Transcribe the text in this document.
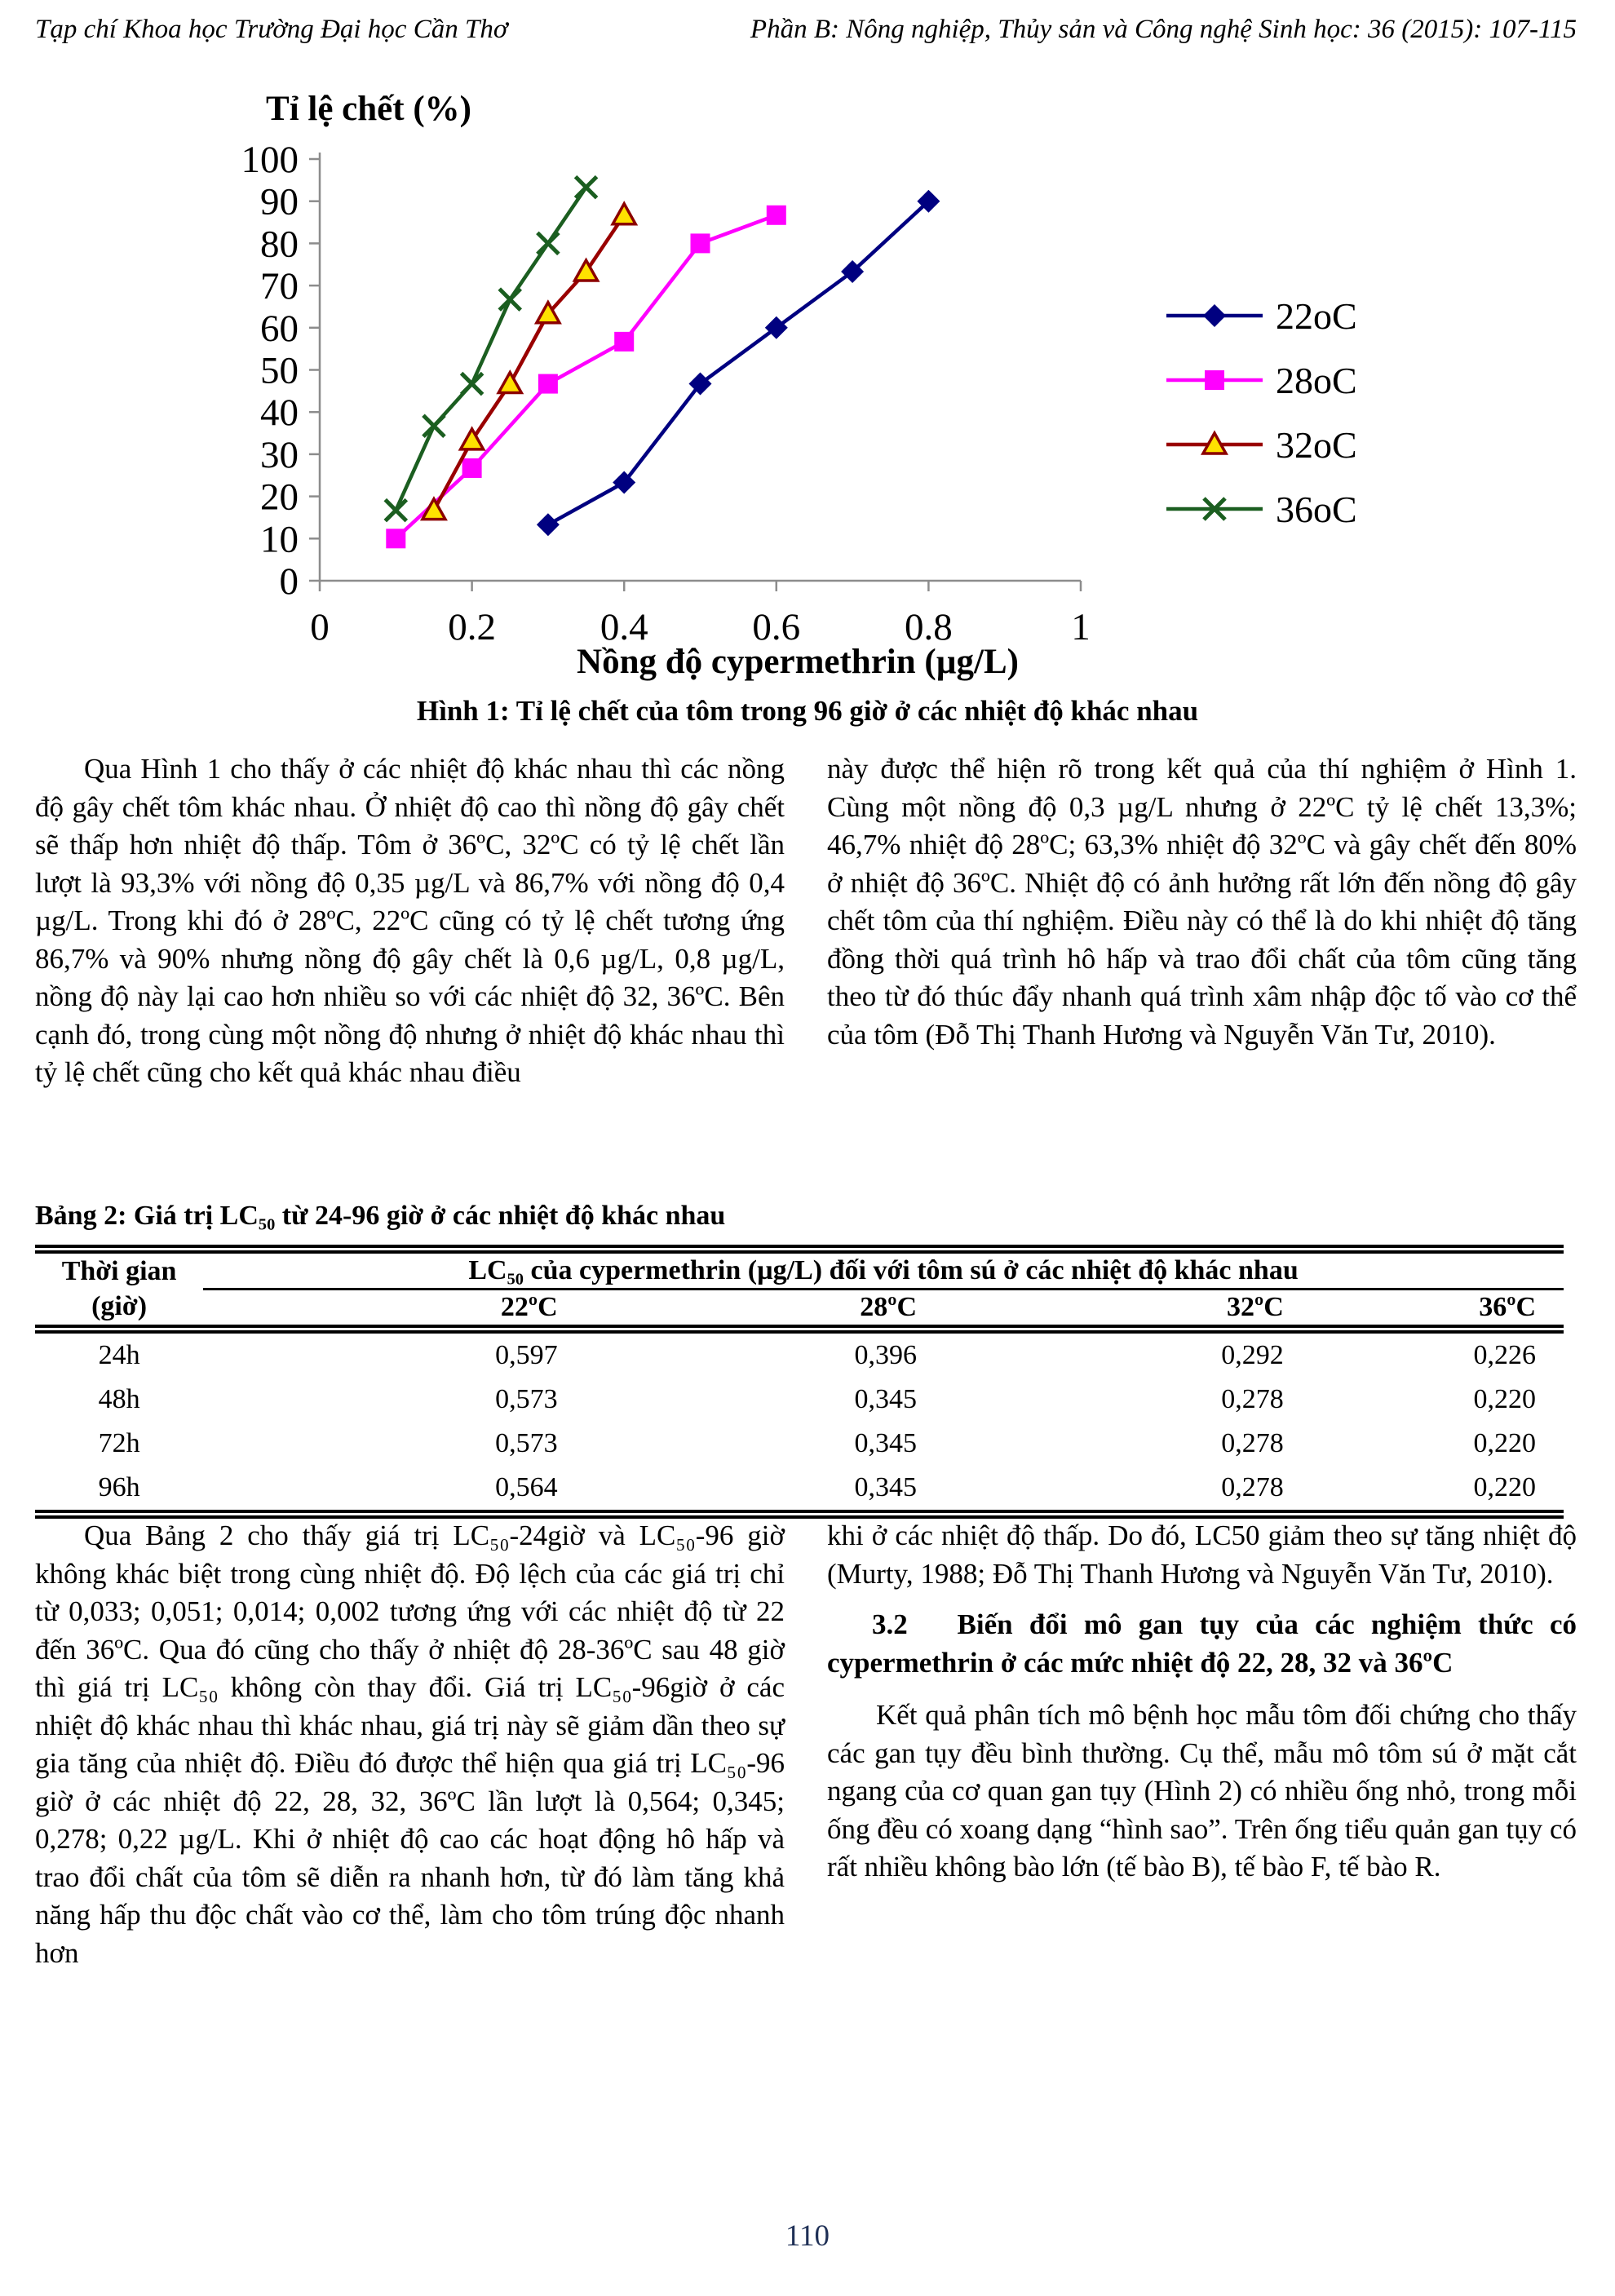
Tạp chí Khoa học Trường Đại học Cần Thơ	Phần B: Nông nghiệp, Thủy sản và Công nghệ Sinh học: 36 (2015): 107-115
0
10
20
30
40
50
60
70
80
90
100
0	0.2	0.4	0.6	0.8	1
Tỉ lệ chết (%)
Nồng độ cypermethrin (µg/L)
22oC
28oC
32oC
36oC
Hình 1: Tỉ lệ chết của tôm trong 96 giờ ở các nhiệt độ khác nhau

Qua Hình 1 cho thấy ở các nhiệt độ khác nhau thì các nồng độ gây chết tôm khác nhau. Ở nhiệt độ cao thì nồng độ gây chết sẽ thấp hơn nhiệt độ thấp. Tôm ở 36ºC, 32ºC có tỷ lệ chết lần lượt là 93,3% với nồng độ 0,35 µg/L và 86,7% với nồng độ 0,4 µg/L. Trong khi đó ở 28ºC, 22ºC cũng có tỷ lệ chết tương ứng 86,7% và 90% nhưng nồng độ gây chết là 0,6 µg/L, 0,8 µg/L, nồng độ này lại cao hơn nhiều so với các nhiệt độ 32, 36ºC. Bên cạnh đó, trong cùng một nồng độ nhưng ở nhiệt độ khác nhau thì tỷ lệ chết cũng cho kết quả khác nhau điều

này được thể hiện rõ trong kết quả của thí nghiệm ở Hình 1. Cùng một nồng độ 0,3 µg/L nhưng ở 22ºC tỷ lệ chết 13,3%; 46,7% nhiệt độ 28ºC; 63,3% nhiệt độ 32ºC và gây chết đến 80% ở nhiệt độ 36ºC. Nhiệt độ có ảnh hưởng rất lớn đến nồng độ gây chết tôm của thí nghiệm. Điều này có thể là do khi nhiệt độ tăng đồng thời quá trình hô hấp và trao đổi chất của tôm cũng tăng theo từ đó thúc đẩy nhanh quá trình xâm nhập độc tố vào cơ thể của tôm (Đỗ Thị Thanh Hương và Nguyễn Văn Tư, 2010).

Bảng 2: Giá trị LC₅₀ từ 24-96 giờ ở các nhiệt độ khác nhau

Thời gian	LC₅₀ của cypermethrin (µg/L) đối với tôm sú ở các nhiệt độ khác nhau			
(giờ)	22ºC	28ºC	32ºC	36ºC
24h	0,597	0,396	0,292	0,226
48h	0,573	0,345	0,278	0,220
72h	0,573	0,345	0,278	0,220
96h	0,564	0,345	0,278	0,220

Qua Bảng 2 cho thấy giá trị LC₅₀-24giờ và LC₅₀-96 giờ không khác biệt trong cùng nhiệt độ. Độ lệch của các giá trị chỉ từ 0,033; 0,051; 0,014; 0,002 tương ứng với các nhiệt độ từ 22 đến 36ºC. Qua đó cũng cho thấy ở nhiệt độ 28-36ºC sau 48 giờ thì giá trị LC₅₀ không còn thay đổi. Giá trị LC₅₀-96giờ ở các nhiệt độ khác nhau thì khác nhau, giá trị này sẽ giảm dần theo sự gia tăng của nhiệt độ. Điều đó được thể hiện qua giá trị LC₅₀-96 giờ ở các nhiệt độ 22, 28, 32, 36ºC lần lượt là 0,564; 0,345; 0,278; 0,22 µg/L. Khi ở nhiệt độ cao các hoạt động hô hấp và trao đổi chất của tôm sẽ diễn ra nhanh hơn, từ đó làm tăng khả năng hấp thu độc chất vào cơ thể, làm cho tôm trúng độc nhanh hơn

khi ở các nhiệt độ thấp. Do đó, LC50 giảm theo sự tăng nhiệt độ (Murty, 1988; Đỗ Thị Thanh Hương và Nguyễn Văn Tư, 2010).

3.2   Biến đổi mô gan tụy của các nghiệm thức có cypermethrin ở các mức nhiệt độ 22, 28, 32 và 36ºC

Kết quả phân tích mô bệnh học mẫu tôm đối chứng cho thấy các gan tụy đều bình thường. Cụ thể, mẫu mô tôm sú ở mặt cắt ngang của cơ quan gan tụy (Hình 2) có nhiều ống nhỏ, trong mỗi ống đều có xoang dạng “hình sao”. Trên ống tiểu quản gan tụy có rất nhiều không bào lớn (tế bào B), tế bào F, tế bào R.

110
